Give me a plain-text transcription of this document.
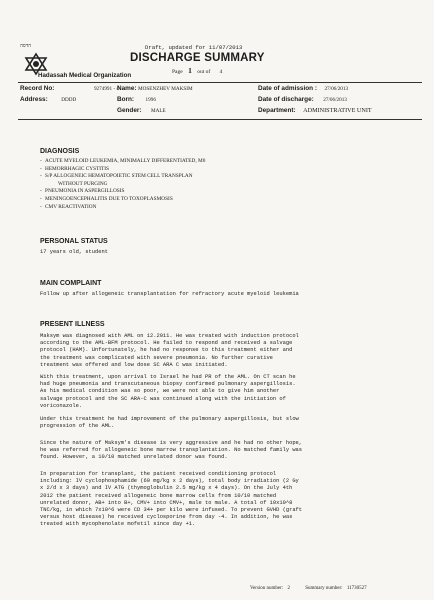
הדסה
Hadassah Medical Organization
Draft, updated for 11/07/2013
DISCHARGE SUMMARY
Page 1 out of 4
Record No:	9274991 - 4
Name: MOSENZHEV MAKSIM	Date of admission : 27/06/2013
Address:	DDDD	Born: 1996	Date of discharge: 27/06/2013
Gender: MALE	Department: ADMINISTRATIVE UNIT
DIAGNOSIS
- ACUTE MYELOID LEUKEMIA, MINIMALLY DIFFERENTIATED, M0
- HEMORRHAGIC CYSTITIS
- S/P ALLOGENEIC HEMATOPOIETIC STEM CELL TRANSPLAN
WITHOUT PURGING
- PNEUMONIA IN ASPERGILLOSIS
- MENINGOENCEPHALITIS DUE TO TOXOPLASMOSIS
- CMV REACTIVATION
PERSONAL STATUS
17 years old, student
MAIN COMPLAINT
Follow up after allogeneic transplantation for refractory acute myeloid leukemia
PRESENT ILLNESS
Maksym was diagnosed with AML on 12.2011. He was treated with induction protocol
according to the AML-BFM protocol. He failed to respond and received a salvage
protocol (HAM). Unfortunately, he had no response to this treatment either and
the treatment was complicated with severe pneumonia. No further curative
treatment was offered and low dose SC ARA C was initiated.
With this treatment, upon arrival to Israel he had PR of the AML. On CT scan he
had huge pneumonia and transcutaneous biopsy confirmed pulmonary aspergillosis.
As his medical condition was so poor, we were not able to give him another
salvage protocol and the SC ARA-C was continued along with the initiation of
voriconazole.
Under this treatment he had improvement of the pulmonary aspergillosis, but slow
progression of the AML.
Since the nature of Maksym's disease is very aggressive and he had no other hope,
he was referred for allogeneic bone marrow transplantation. No matched family was
found. However, a 10/10 matched unrelated donor was found.
In preparation for transplant, the patient received conditioning protocol
including: IV cyclophosphamide (60 mg/kg x 2 days), total body irradiation (2 Gy
x 2/d x 3 days) and IV ATG (thymoglobulin 2.5 mg/kg x 4 days). On the July 4th
2012 the patient received allogeneic bone marrow cells from 10/10 matched
unrelated donor, AB+ into B+, CMV+ into CMV+, male to male. A total of 10x10^8
TNC/kg, in which 7x10^6 were CD 34+ per kilo were infused. To prevent GVHD (graft
versus host disease) he received cyclosporine from day -4. In addition, he was
treated with mycophenolate mofetil since day +1.
Version number: 2	Summary number: 11730527
